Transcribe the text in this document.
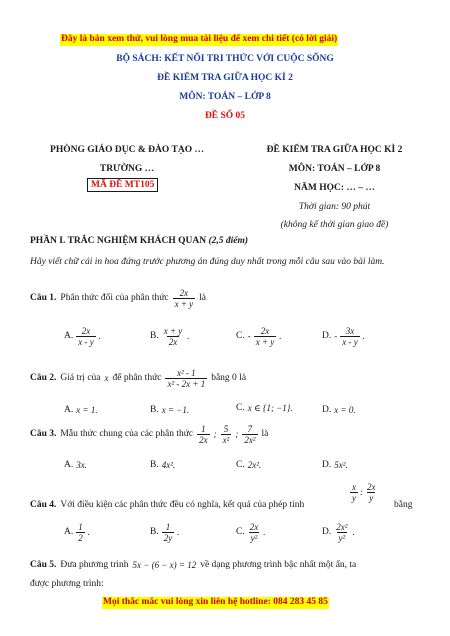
Đây là bản xem thử, vui lòng mua tài liệu để xem chi tiết (có lời giải)
BỘ SÁCH: KẾT NỐI TRI THỨC VỚI CUỘC SỐNG
ĐỀ KIỂM TRA GIỮA HỌC KÌ 2
MÔN: TOÁN – LỚP 8
ĐỀ SỐ 05
PHÒNG GIÁO DỤC & ĐÀO TẠO …
TRƯỜNG …
MÃ ĐỀ MT105
ĐỀ KIỂM TRA GIỮA HỌC KÌ 2
MÔN: TOÁN – LỚP 8
NĂM HỌC: … – …
Thời gian: 90 phút
(không kể thời gian giao đề)
PHẦN I. TRẮC NGHIỆM KHÁCH QUAN (2,5 điểm)
Hãy viết chữ cái in hoa đứng trước phương án đúng duy nhất trong mỗi câu sau vào bài làm.
Câu 1. Phân thức đối của phân thức $\frac{2x}{x + y}$ là
A. $\frac{2x}{x - y}$ .	B. $\frac{x + y}{2x}$ .	C. - $\frac{2x}{x + y}$ .	D. - $\frac{3x}{x - y}$ .
Câu 2. Giá trị của x để phân thức $\frac{\text{x² - 1}}{\text{x² - 2x + 1}}$ bằng 0 là
A. x = 1.	B. x = −1.	C. x ∈ {1; −1}.	D. x = 0.
Câu 3. Mẫu thức chung của các phân thức $\frac{1}{2x}$ ; $\frac{5}{\text{x²}}$ ; $\frac{7}{\text{2x²}}$ là
A. 3x.	B. 4x².	C. 2x².	D. 5x².
$\frac{x}{y}$ : $\frac{2x}{y}$
Câu 4. Với điều kiện các phân thức đều có nghĩa, kết quả của phép tính	bằng
A. $\frac{1}{2}$ .	B. $\frac{1}{2y}$ .	C. $\frac{2x}{\text{y²}}$ .	D. $\frac{\text{2x²}}{\text{y²}}$ .
Câu 5. Đưa phương trình 5x − (6 − x) = 12 về dạng phương trình bậc nhất một ẩn, ta
được phương trình:
Mọi thắc mắc vui lòng xin liên hệ hotline: 084 283 45 85
